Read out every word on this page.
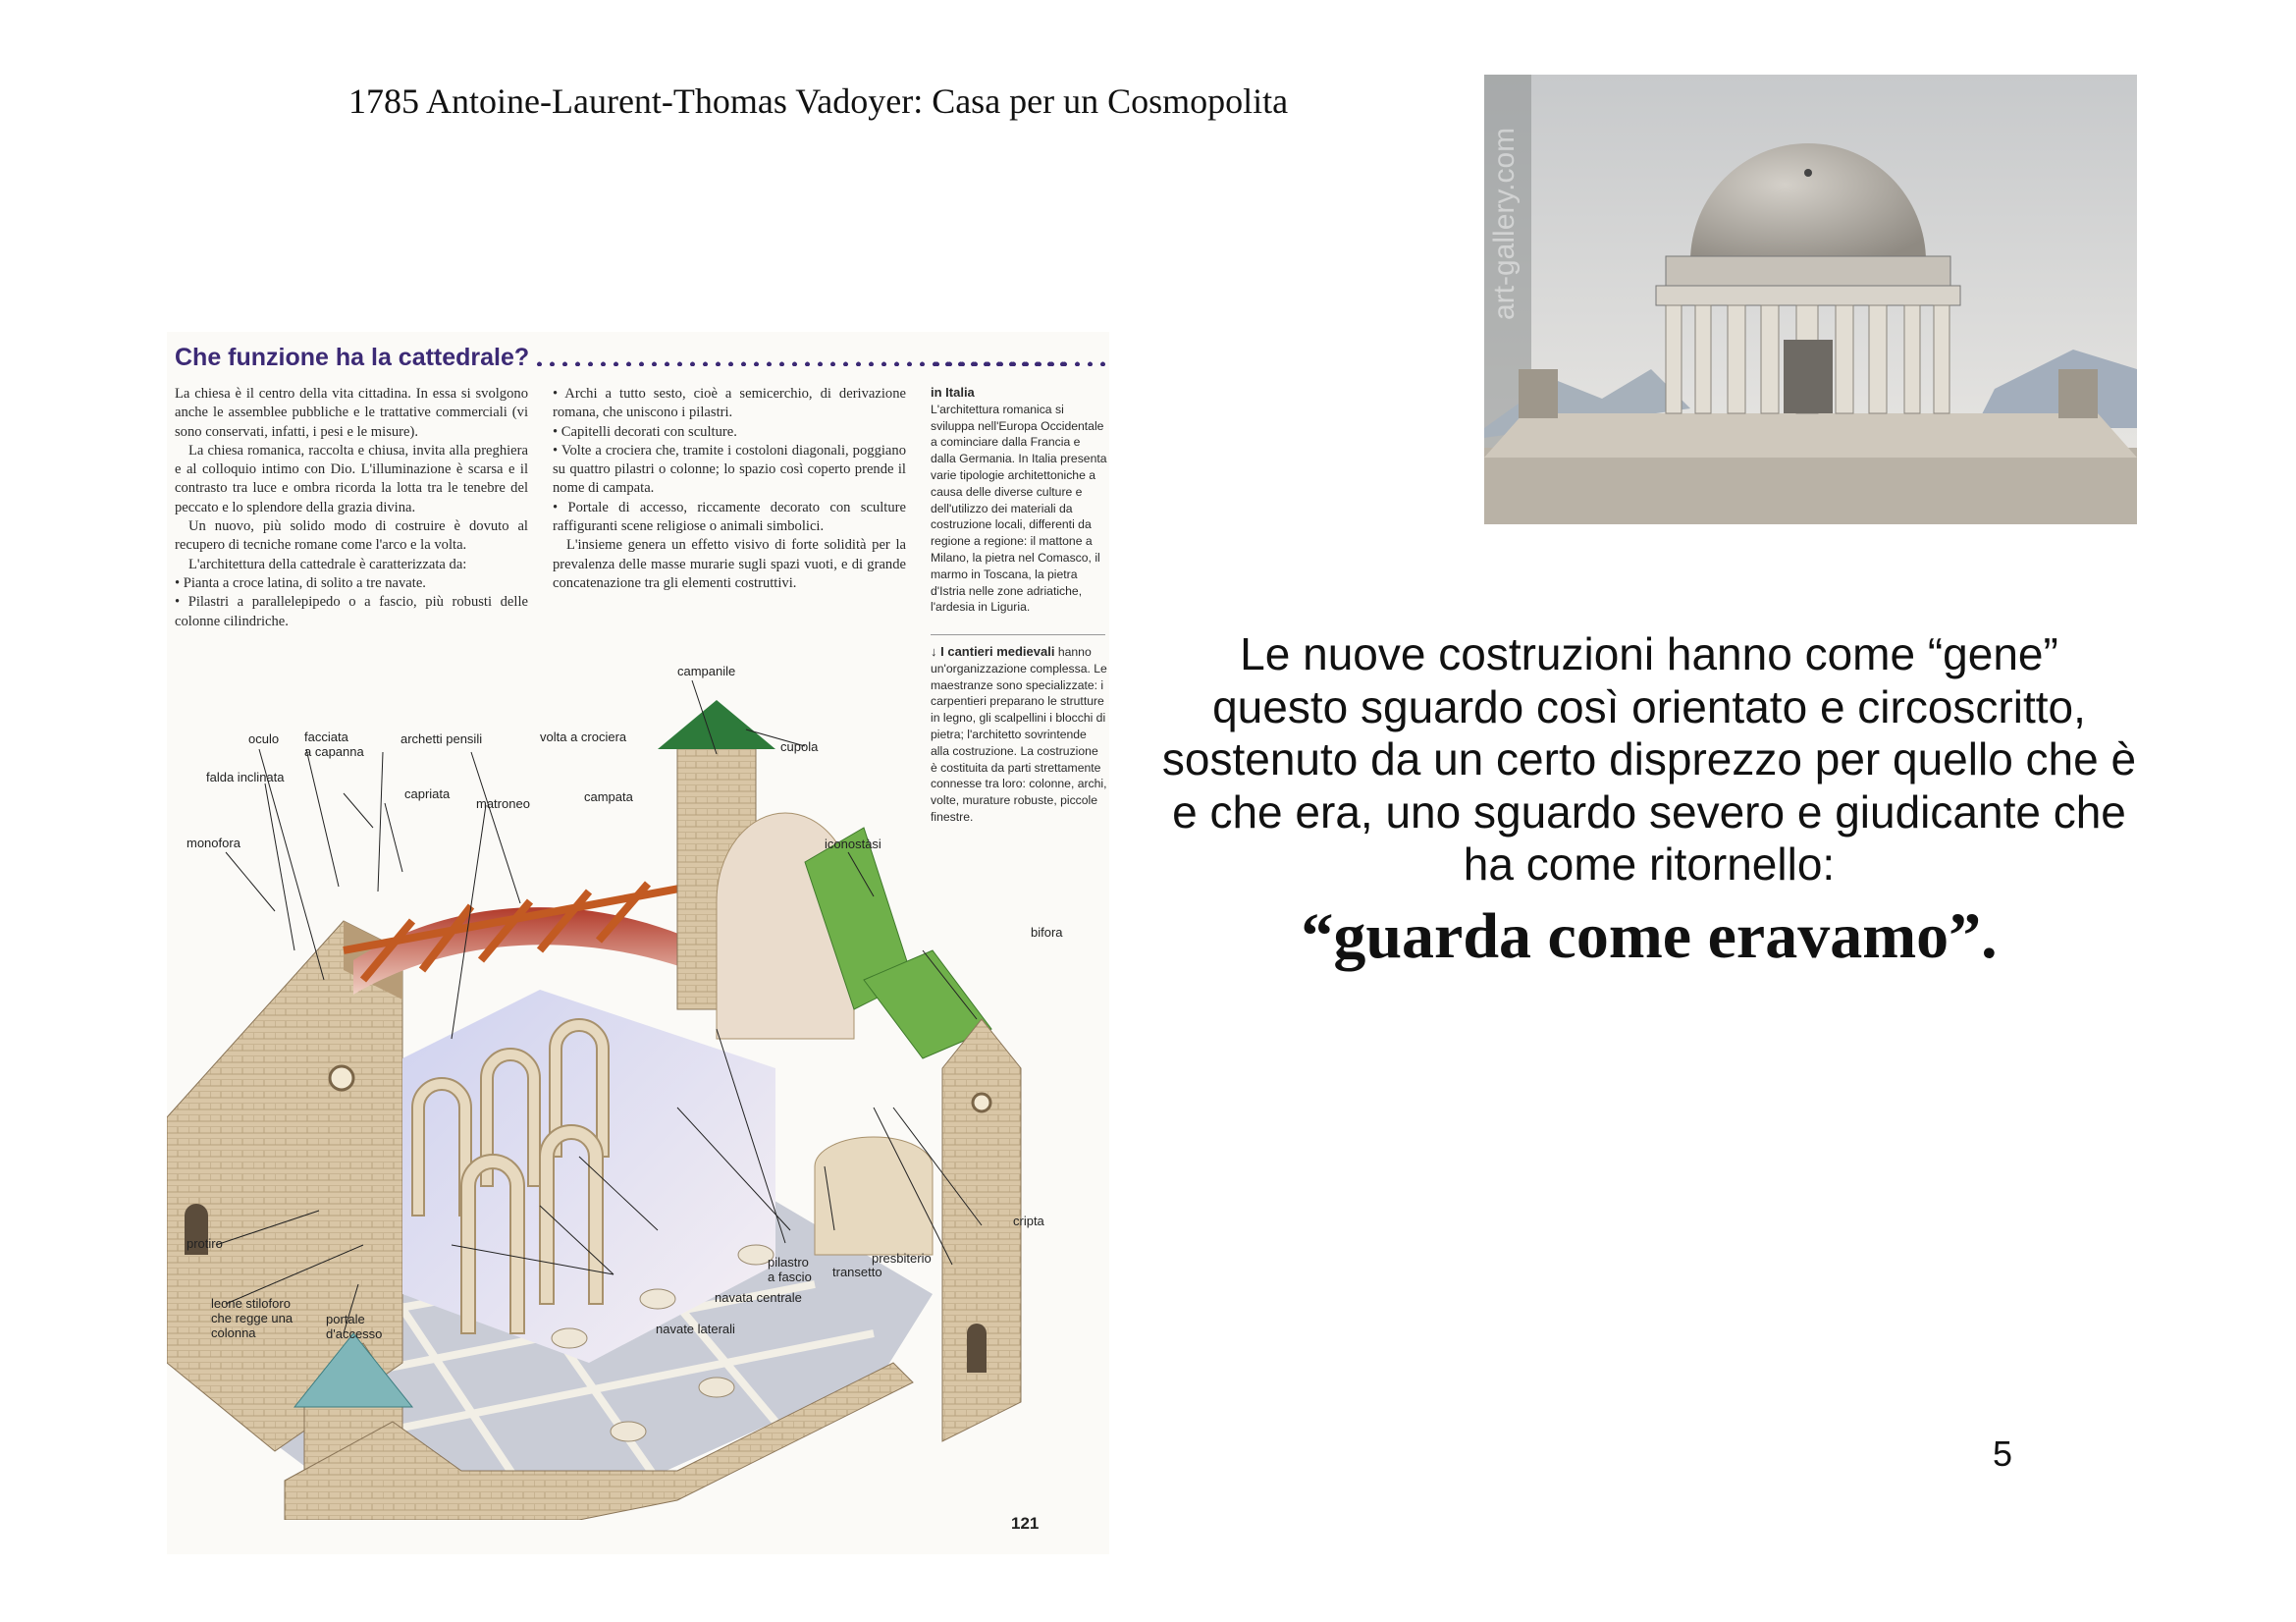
1785 Antoine-Laurent-Thomas Vadoyer: Casa per un Cosmopolita
Che funzione ha la cattedrale?

La chiesa è il centro della vita cittadina. In essa si svolgono anche le assemblee pubbliche e le trattative commerciali (vi sono conservati, infatti, i pesi e le misure).

La chiesa romanica, raccolta e chiusa, invita alla preghiera e al colloquio intimo con Dio. L'illuminazione è scarsa e il contrasto tra luce e ombra ricorda la lotta tra le tenebre del peccato e lo splendore della grazia divina.

Un nuovo, più solido modo di costruire è dovuto al recupero di tecniche romane come l'arco e la volta.

L'architettura della cattedrale è caratterizzata da:

• Pianta a croce latina, di solito a tre navate.

• Pilastri a parallelepipedo o a fascio, più robusti delle colonne cilindriche.

• Archi a tutto sesto, cioè a semicerchio, di derivazione romana, che uniscono i pilastri.

• Capitelli decorati con sculture.

• Volte a crociera che, tramite i costoloni diagonali, poggiano su quattro pilastri o colonne; lo spazio così coperto prende il nome di campata.

• Portale di accesso, riccamente decorato con sculture raffiguranti scene religiose o animali simbolici.

L'insieme genera un effetto visivo di forte solidità per la prevalenza delle masse murarie sugli spazi vuoti, e di grande concatenazione tra gli elementi costruttivi.

in Italia
L'architettura romanica si sviluppa nell'Europa Occidentale a cominciare dalla Francia e dalla Germania. In Italia presenta varie tipologie architettoniche a causa delle diverse culture e dell'utilizzo dei materiali da costruzione locali, differenti da regione a regione: il mattone a Milano, la pietra nel Comasco, il marmo in Toscana, la pietra d'Istria nelle zone adriatiche, l'ardesia in Liguria.
↓ I cantieri medievali hanno un'organizzazione complessa. Le maestranze sono specializzate: i carpentieri preparano le strutture in legno, gli scalpellini i blocchi di pietra; l'architetto sovrintende alla costruzione. La costruzione è costituita da parti strettamente connesse tra loro: colonne, archi, volte, murature robuste, piccole finestre.
oculo facciata
a capanna
archetti pensili	volta a crociera
campanile
cupola
falda inclinata
capriata
matroneo	campata
monofora	iconostàsi
bifora
cripta
presbiterio
pilastro
a fascio transetto
navata centrale
navate laterali
protiro
leone stiloforo
che regge una
colonna
portale
d'accesso
121
art-gallery.com
Le nuove costruzioni hanno come “gene”
questo sguardo così orientato e circoscritto,
sostenuto da un certo disprezzo per quello che è
e che era, uno sguardo severo e giudicante che
ha come ritornello:
“guarda come eravamo”.
5
